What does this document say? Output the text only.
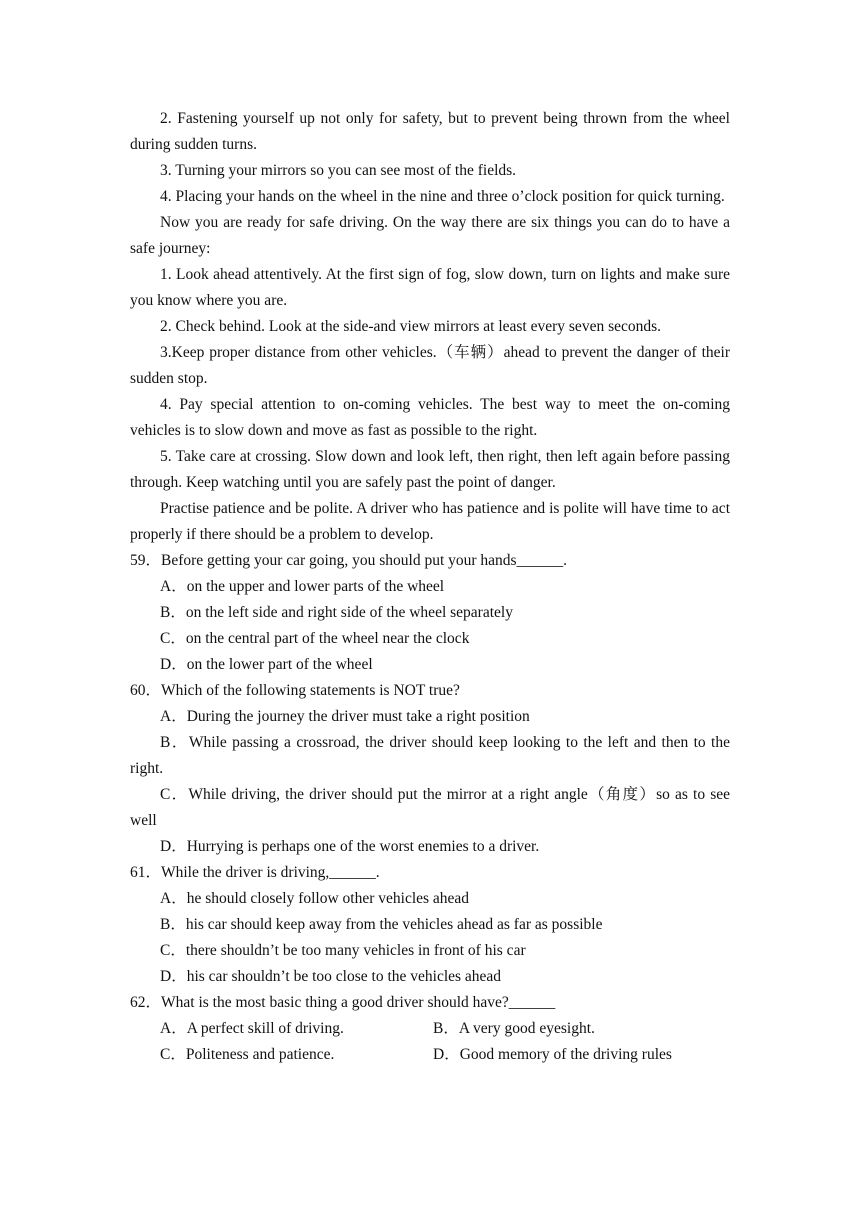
2. Fastening yourself up not only for safety, but to prevent being thrown from the wheel during sudden turns.

3. Turning your mirrors so you can see most of the fields.

4. Placing your hands on the wheel in the nine and three o’clock position for quick turning.

Now you are ready for safe driving. On the way there are six things you can do to have a safe journey:

1. Look ahead attentively. At the first sign of fog, slow down, turn on lights and make sure you know where you are.

2. Check behind. Look at the side-and view mirrors at least every seven seconds.

3.Keep proper distance from other vehicles.（车辆）ahead to prevent the danger of their sudden stop.

4. Pay special attention to on-coming vehicles. The best way to meet the on-coming vehicles is to slow down and move as fast as possible to the right.

5. Take care at crossing. Slow down and look left, then right, then left again before passing through. Keep watching until you are safely past the point of danger.

Practise patience and be polite. A driver who has patience and is polite will have time to act properly if there should be a problem to develop.

59．Before getting your car going, you should put your hands______.

A．on the upper and lower parts of the wheel

B．on the left side and right side of the wheel separately

C．on the central part of the wheel near the clock

D．on the lower part of the wheel

60．Which of the following statements is NOT true?

A．During the journey the driver must take a right position

B．While passing a crossroad, the driver should keep looking to the left and then to the right.

C．While driving, the driver should put the mirror at a right angle（角度）so as to see well

D．Hurrying is perhaps one of the worst enemies to a driver.

61．While the driver is driving,______.

A．he should closely follow other vehicles ahead

B．his car should keep away from the vehicles ahead as far as possible

C．there shouldn’t be too many vehicles in front of his car

D．his car shouldn’t be too close to the vehicles ahead

62．What is the most basic thing a good driver should have?______

A．A perfect skill of driving.	B．A very good eyesight.

C．Politeness and patience.	D．Good memory of the driving rules
